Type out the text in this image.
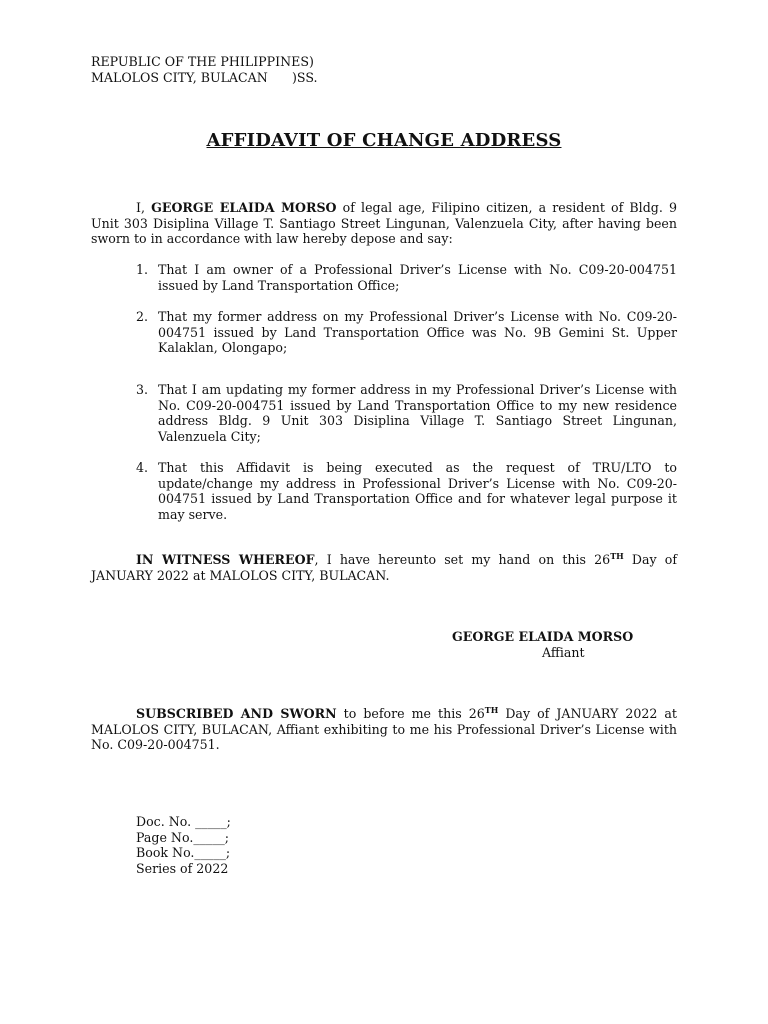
REPUBLIC OF THE PHILIPPINES)
MALOLOS CITY, BULACAN )SS.
AFFIDAVIT OF CHANGE ADDRESS
I, GEORGE ELAIDA MORSO of legal age, Filipino citizen, a resident of Bldg. 9 Unit 303 Disiplina Village T. Santiago Street Lingunan, Valenzuela City, after having been sworn to in accordance with law hereby depose and say:
1. That I am owner of a Professional Driver’s License with No. C09-20-004751 issued by Land Transportation Office;
2. That my former address on my Professional Driver’s License with No. C09-20-004751 issued by Land Transportation Office was No. 9B Gemini St. Upper Kalaklan, Olongapo;
3. That I am updating my former address in my Professional Driver’s License with No. C09-20-004751 issued by Land Transportation Office to my new residence address Bldg. 9 Unit 303 Disiplina Village T. Santiago Street Lingunan, Valenzuela City;
4. That this Affidavit is being executed as the request of TRU/LTO to update/change my address in Professional Driver’s License with No. C09-20-004751 issued by Land Transportation Office and for whatever legal purpose it may serve.
IN WITNESS WHEREOF, I have hereunto set my hand on this 26TH Day of JANUARY 2022 at MALOLOS CITY, BULACAN.
GEORGE ELAIDA MORSO
Affiant
SUBSCRIBED AND SWORN to before me this 26TH Day of JANUARY 2022 at MALOLOS CITY, BULACAN, Affiant exhibiting to me his Professional Driver’s License with No. C09-20-004751.
Doc. No. _____;
Page No._____;
Book No._____;
Series of 2022
